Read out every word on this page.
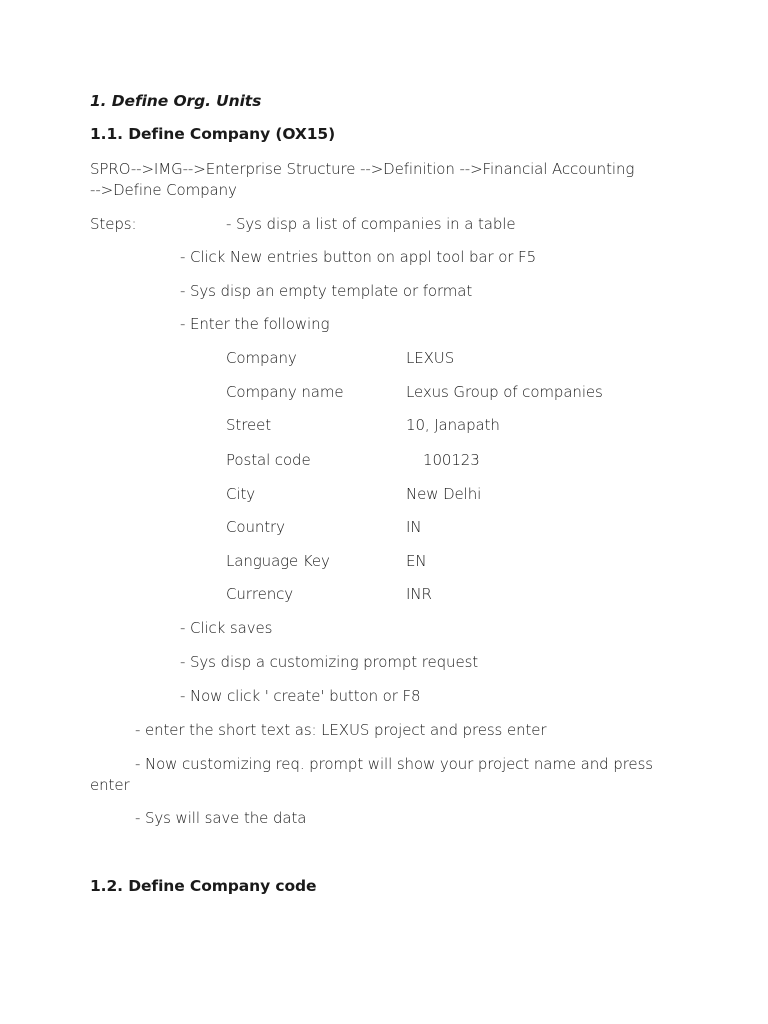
1. Define Org. Units
1.1. Define Company (OX15)
SPRO-->IMG-->Enterprise Structure -->Definition -->Financial Accounting
-->Define Company
Steps:	- Sys disp a list of companies in a table
- Click New entries button on appl tool bar or F5
- Sys disp an empty template or format
- Enter the following
Company	LEXUS
Company name	Lexus Group of companies
Street	10, Janapath
Postal code	100123
City	New Delhi
Country	IN
Language Key	EN
Currency	INR
- Click saves
- Sys disp a customizing prompt request
- Now click ' create' button or F8
- enter the short text as: LEXUS project and press enter
- Now customizing req. prompt will show your project name and press
enter
- Sys will save the data
1.2. Define Company code
